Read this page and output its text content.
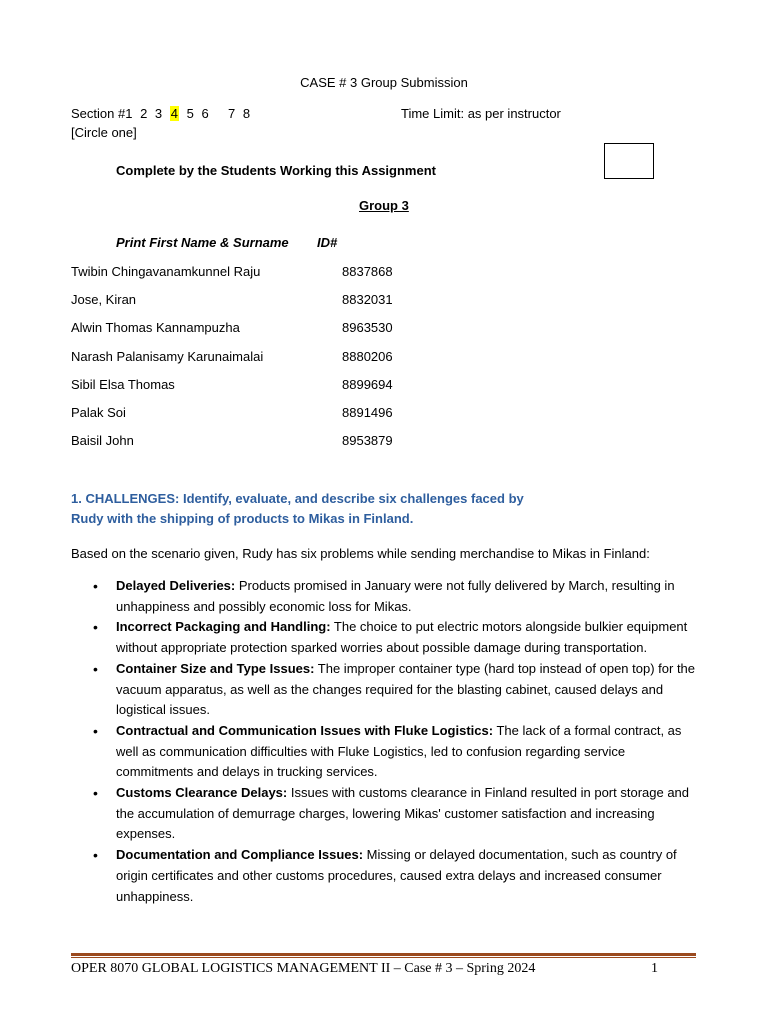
CASE # 3 Group Submission
Section #1 2 3 4 5 6 7 8	Time Limit: as per instructor
[Circle one]
Complete by the Students Working this Assignment
Group 3
Print First Name & Surname ID#
Twibin Chingavanamkunnel Raju	8837868
Jose, Kiran	8832031
Alwin Thomas Kannampuzha	8963530
Narash Palanisamy Karunaimalai	8880206
Sibil Elsa Thomas	8899694
Palak Soi	8891496
Baisil John	8953879
1. CHALLENGES: Identify, evaluate, and describe six challenges faced by Rudy with the shipping of products to Mikas in Finland.
Based on the scenario given, Rudy has six problems while sending merchandise to Mikas in Finland:
• Delayed Deliveries: Products promised in January were not fully delivered by March, resulting in unhappiness and possibly economic loss for Mikas.
• Incorrect Packaging and Handling: The choice to put electric motors alongside bulkier equipment without appropriate protection sparked worries about possible damage during transportation.
• Container Size and Type Issues: The improper container type (hard top instead of open top) for the vacuum apparatus, as well as the changes required for the blasting cabinet, caused delays and logistical issues.
• Contractual and Communication Issues with Fluke Logistics: The lack of a formal contract, as well as communication difficulties with Fluke Logistics, led to confusion regarding service commitments and delays in trucking services.
• Customs Clearance Delays: Issues with customs clearance in Finland resulted in port storage and the accumulation of demurrage charges, lowering Mikas' customer satisfaction and increasing expenses.
• Documentation and Compliance Issues: Missing or delayed documentation, such as country of origin certificates and other customs procedures, caused extra delays and increased consumer unhappiness.
OPER 8070 GLOBAL LOGISTICS MANAGEMENT II – Case # 3 – Spring 2024	1
